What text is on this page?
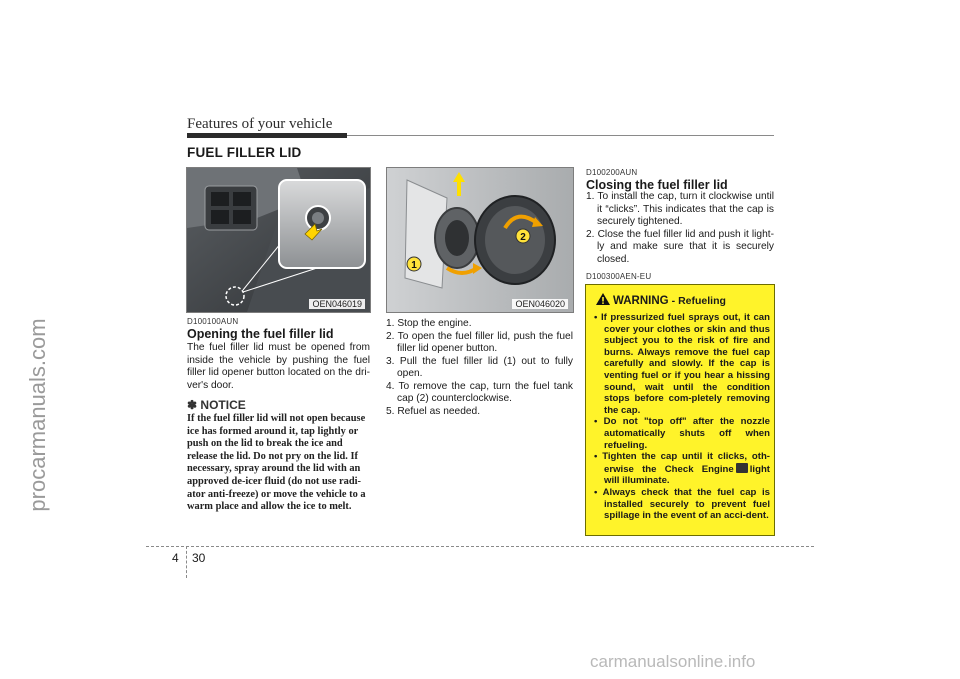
Features of your vehicle
FUEL FILLER LID
procarmanuals.com
OEN046019
1
2
OEN046020
D100100AUN
Opening the fuel filler lid
The fuel filler lid must be opened from inside the vehicle by pushing the fuel filler lid opener button located on the dri-ver's door.
✽ NOTICE
If the fuel filler lid will not open because ice has formed around it, tap lightly or push on the lid to break the ice and release the lid. Do not pry on the lid. If necessary, spray around the lid with an approved de-icer fluid (do not use radi-ator anti-freeze) or move the vehicle to a warm place and allow the ice to melt.
1. Stop the engine.
2. To open the fuel filler lid, push the fuel filler lid opener button.
3. Pull the fuel filler lid (1) out to fully open.
4. To remove the cap, turn the fuel tank cap (2) counterclockwise.
5. Refuel as needed.
D100200AUN
Closing the fuel filler lid
1. To install the cap, turn it clockwise until it “clicks”. This indicates that the cap is securely tightened.
2. Close the fuel filler lid and push it light-ly and make sure that it is securely closed.
D100300AEN-EU
WARNING - Refueling
• If pressurized fuel sprays out, it can cover your clothes or skin and thus subject you to the risk of fire and burns. Always remove the fuel cap carefully and slowly. If the cap is venting fuel or if you hear a hissing sound, wait until the condition stops before com-pletely removing the cap.
• Do not "top off" after the nozzle automatically shuts off when refueling.
• Tighten the cap until it clicks, oth-erwise the Check Engine light will illuminate.
• Always check that the fuel cap is installed securely to prevent fuel spillage in the event of an acci-dent.
4 30
carmanualsonline.info
